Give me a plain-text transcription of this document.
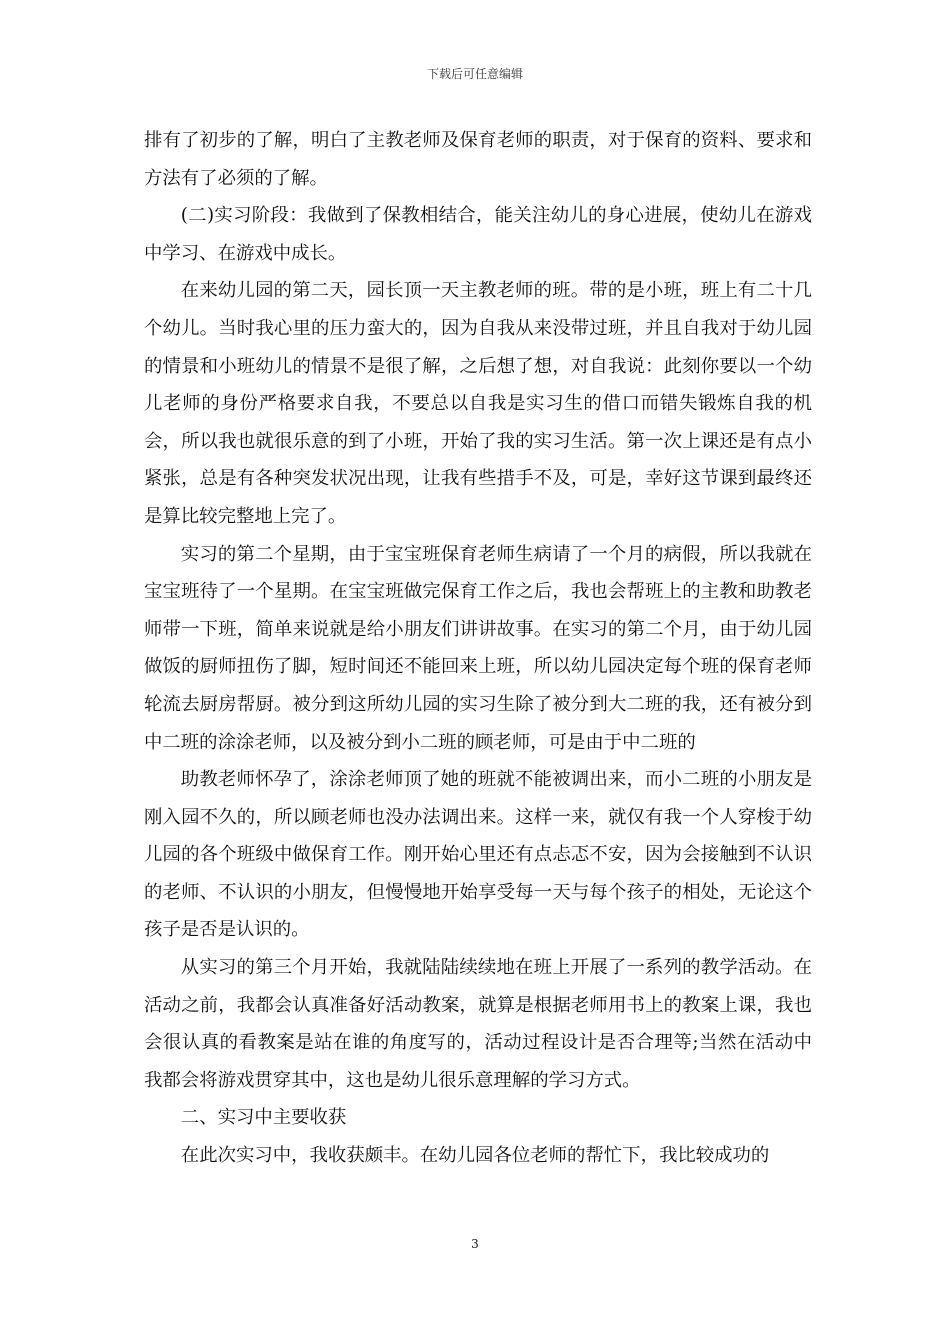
下载后可任意编辑

排有了初步的了解，明白了主教老师及保育老师的职责，对于保育的资料、要求和方法有了必须的了解。

(二)实习阶段：我做到了保教相结合，能关注幼儿的身心进展，使幼儿在游戏中学习、在游戏中成长。

在来幼儿园的第二天，园长顶一天主教老师的班。带的是小班，班上有二十几个幼儿。当时我心里的压力蛮大的，因为自我从来没带过班，并且自我对于幼儿园的情景和小班幼儿的情景不是很了解，之后想了想，对自我说：此刻你要以一个幼儿老师的身份严格要求自我，不要总以自我是实习生的借口而错失锻炼自我的机会，所以我也就很乐意的到了小班，开始了我的实习生活。第一次上课还是有点小紧张，总是有各种突发状况出现，让我有些措手不及，可是，幸好这节课到最终还是算比较完整地上完了。

实习的第二个星期，由于宝宝班保育老师生病请了一个月的病假，所以我就在宝宝班待了一个星期。在宝宝班做完保育工作之后，我也会帮班上的主教和助教老师带一下班，简单来说就是给小朋友们讲讲故事。在实习的第二个月，由于幼儿园做饭的厨师扭伤了脚，短时间还不能回来上班，所以幼儿园决定每个班的保育老师轮流去厨房帮厨。被分到这所幼儿园的实习生除了被分到大二班的我，还有被分到中二班的涂涂老师，以及被分到小二班的顾老师，可是由于中二班的

助教老师怀孕了，涂涂老师顶了她的班就不能被调出来，而小二班的小朋友是刚入园不久的，所以顾老师也没办法调出来。这样一来，就仅有我一个人穿梭于幼儿园的各个班级中做保育工作。刚开始心里还有点忐忑不安，因为会接触到不认识的老师、不认识的小朋友，但慢慢地开始享受每一天与每个孩子的相处，无论这个孩子是否是认识的。

从实习的第三个月开始，我就陆陆续续地在班上开展了一系列的教学活动。在活动之前，我都会认真准备好活动教案，就算是根据老师用书上的教案上课，我也会很认真的看教案是站在谁的角度写的，活动过程设计是否合理等;当然在活动中我都会将游戏贯穿其中，这也是幼儿很乐意理解的学习方式。

二、实习中主要收获

在此次实习中，我收获颇丰。在幼儿园各位老师的帮忙下，我比较成功的

3
